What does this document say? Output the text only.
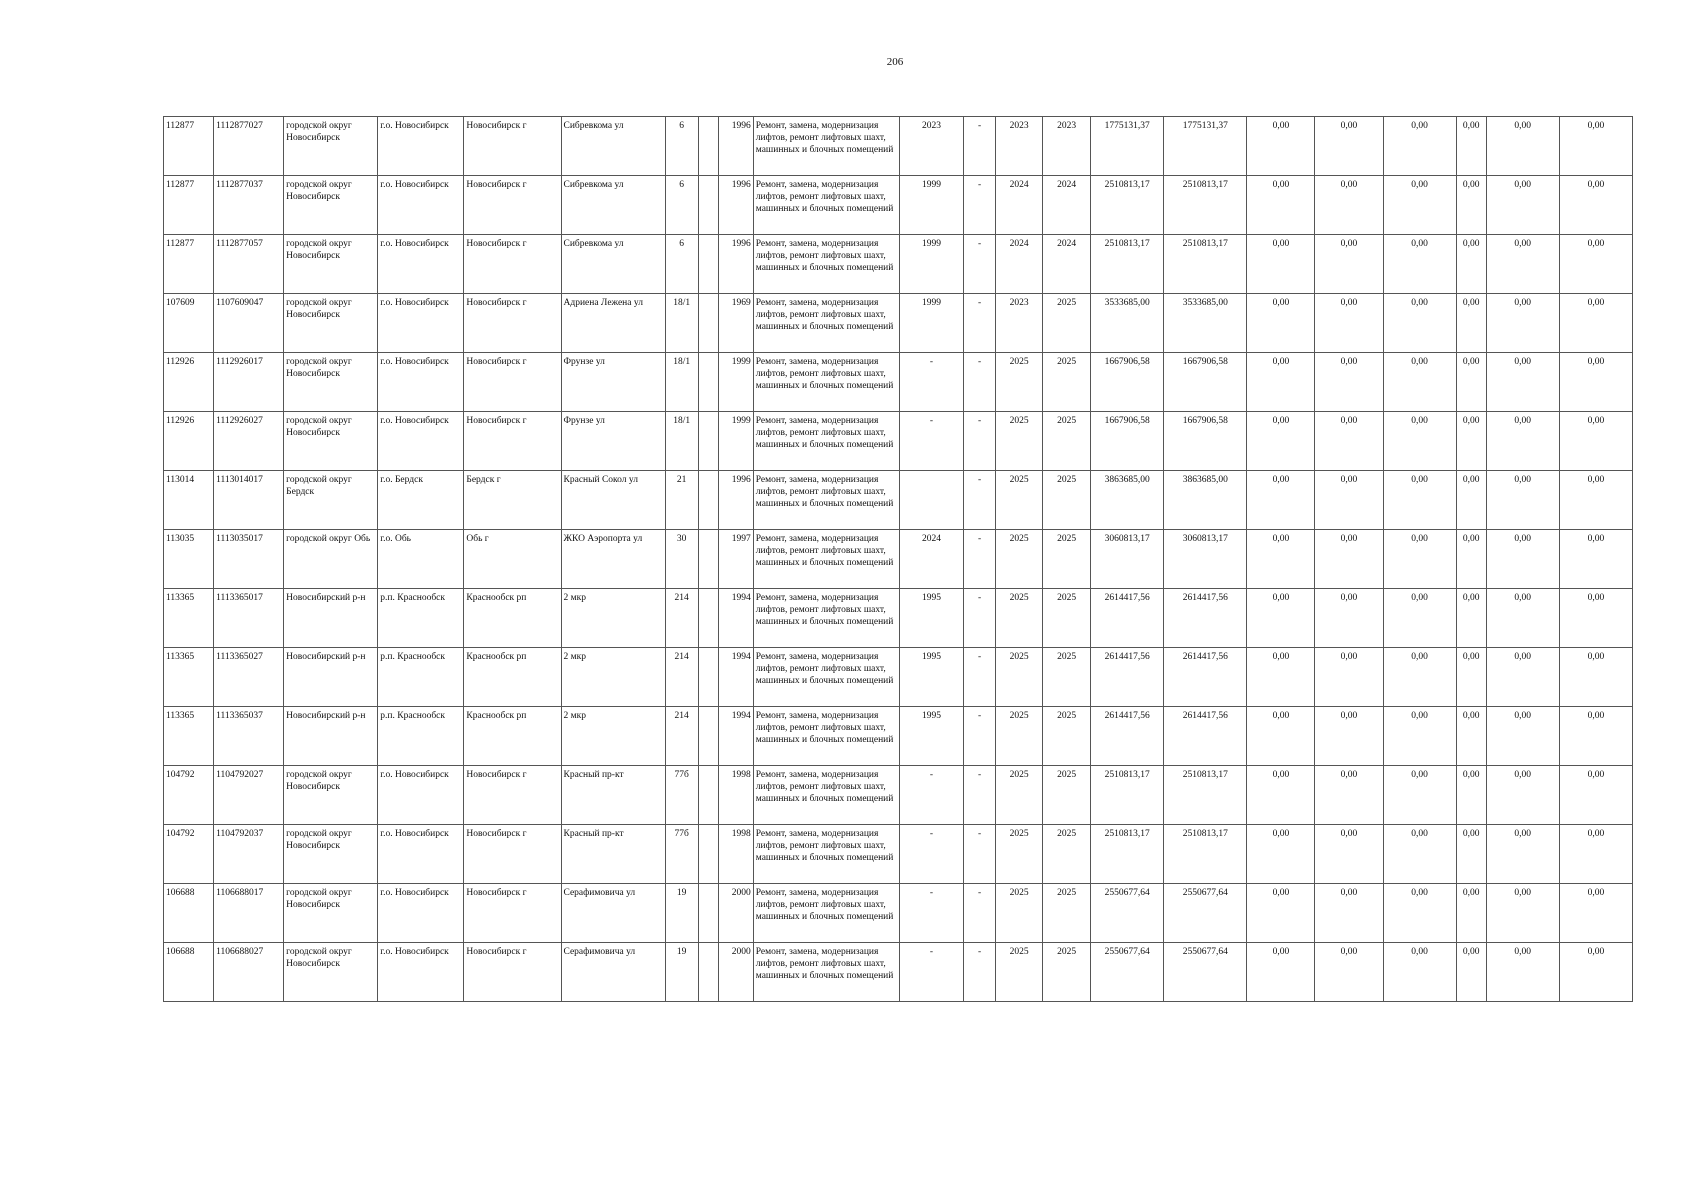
206
112877	1112877027	городской округ Новосибирск	г.о. Новосибирск	Новосибирск г	Сибревкома ул	6		1996	Ремонт, замена, модернизация лифтов, ремонт лифтовых шахт, машинных и блочных помещений	2023	-	2023	2023	1775131,37	1775131,37	0,00	0,00	0,00	0,00	0,00	0,00
112877	1112877037	городской округ Новосибирск	г.о. Новосибирск	Новосибирск г	Сибревкома ул	6		1996	Ремонт, замена, модернизация лифтов, ремонт лифтовых шахт, машинных и блочных помещений	1999	-	2024	2024	2510813,17	2510813,17	0,00	0,00	0,00	0,00	0,00	0,00
112877	1112877057	городской округ Новосибирск	г.о. Новосибирск	Новосибирск г	Сибревкома ул	6		1996	Ремонт, замена, модернизация лифтов, ремонт лифтовых шахт, машинных и блочных помещений	1999	-	2024	2024	2510813,17	2510813,17	0,00	0,00	0,00	0,00	0,00	0,00
107609	1107609047	городской округ Новосибирск	г.о. Новосибирск	Новосибирск г	Адриена Лежена ул	18/1		1969	Ремонт, замена, модернизация лифтов, ремонт лифтовых шахт, машинных и блочных помещений	1999	-	2023	2025	3533685,00	3533685,00	0,00	0,00	0,00	0,00	0,00	0,00
112926	1112926017	городской округ Новосибирск	г.о. Новосибирск	Новосибирск г	Фрунзе ул	18/1		1999	Ремонт, замена, модернизация лифтов, ремонт лифтовых шахт, машинных и блочных помещений	-	-	2025	2025	1667906,58	1667906,58	0,00	0,00	0,00	0,00	0,00	0,00
112926	1112926027	городской округ Новосибирск	г.о. Новосибирск	Новосибирск г	Фрунзе ул	18/1		1999	Ремонт, замена, модернизация лифтов, ремонт лифтовых шахт, машинных и блочных помещений	-	-	2025	2025	1667906,58	1667906,58	0,00	0,00	0,00	0,00	0,00	0,00
113014	1113014017	городской округ Бердск	г.о. Бердск	Бердск г	Красный Сокол ул	21		1996	Ремонт, замена, модернизация лифтов, ремонт лифтовых шахт, машинных и блочных помещений		-	2025	2025	3863685,00	3863685,00	0,00	0,00	0,00	0,00	0,00	0,00
113035	1113035017	городской округ Обь	г.о. Обь	Обь г	ЖКО Аэропорта ул	30		1997	Ремонт, замена, модернизация лифтов, ремонт лифтовых шахт, машинных и блочных помещений	2024	-	2025	2025	3060813,17	3060813,17	0,00	0,00	0,00	0,00	0,00	0,00
113365	1113365017	Новосибирский р-н	р.п. Краснообск	Краснообск рп	2 мкр	214		1994	Ремонт, замена, модернизация лифтов, ремонт лифтовых шахт, машинных и блочных помещений	1995	-	2025	2025	2614417,56	2614417,56	0,00	0,00	0,00	0,00	0,00	0,00
113365	1113365027	Новосибирский р-н	р.п. Краснообск	Краснообск рп	2 мкр	214		1994	Ремонт, замена, модернизация лифтов, ремонт лифтовых шахт, машинных и блочных помещений	1995	-	2025	2025	2614417,56	2614417,56	0,00	0,00	0,00	0,00	0,00	0,00
113365	1113365037	Новосибирский р-н	р.п. Краснообск	Краснообск рп	2 мкр	214		1994	Ремонт, замена, модернизация лифтов, ремонт лифтовых шахт, машинных и блочных помещений	1995	-	2025	2025	2614417,56	2614417,56	0,00	0,00	0,00	0,00	0,00	0,00
104792	1104792027	городской округ Новосибирск	г.о. Новосибирск	Новосибирск г	Красный пр-кт	77б		1998	Ремонт, замена, модернизация лифтов, ремонт лифтовых шахт, машинных и блочных помещений	-	-	2025	2025	2510813,17	2510813,17	0,00	0,00	0,00	0,00	0,00	0,00
104792	1104792037	городской округ Новосибирск	г.о. Новосибирск	Новосибирск г	Красный пр-кт	77б		1998	Ремонт, замена, модернизация лифтов, ремонт лифтовых шахт, машинных и блочных помещений	-	-	2025	2025	2510813,17	2510813,17	0,00	0,00	0,00	0,00	0,00	0,00
106688	1106688017	городской округ Новосибирск	г.о. Новосибирск	Новосибирск г	Серафимовича ул	19		2000	Ремонт, замена, модернизация лифтов, ремонт лифтовых шахт, машинных и блочных помещений	-	-	2025	2025	2550677,64	2550677,64	0,00	0,00	0,00	0,00	0,00	0,00
106688	1106688027	городской округ Новосибирск	г.о. Новосибирск	Новосибирск г	Серафимовича ул	19		2000	Ремонт, замена, модернизация лифтов, ремонт лифтовых шахт, машинных и блочных помещений	-	-	2025	2025	2550677,64	2550677,64	0,00	0,00	0,00	0,00	0,00	0,00
